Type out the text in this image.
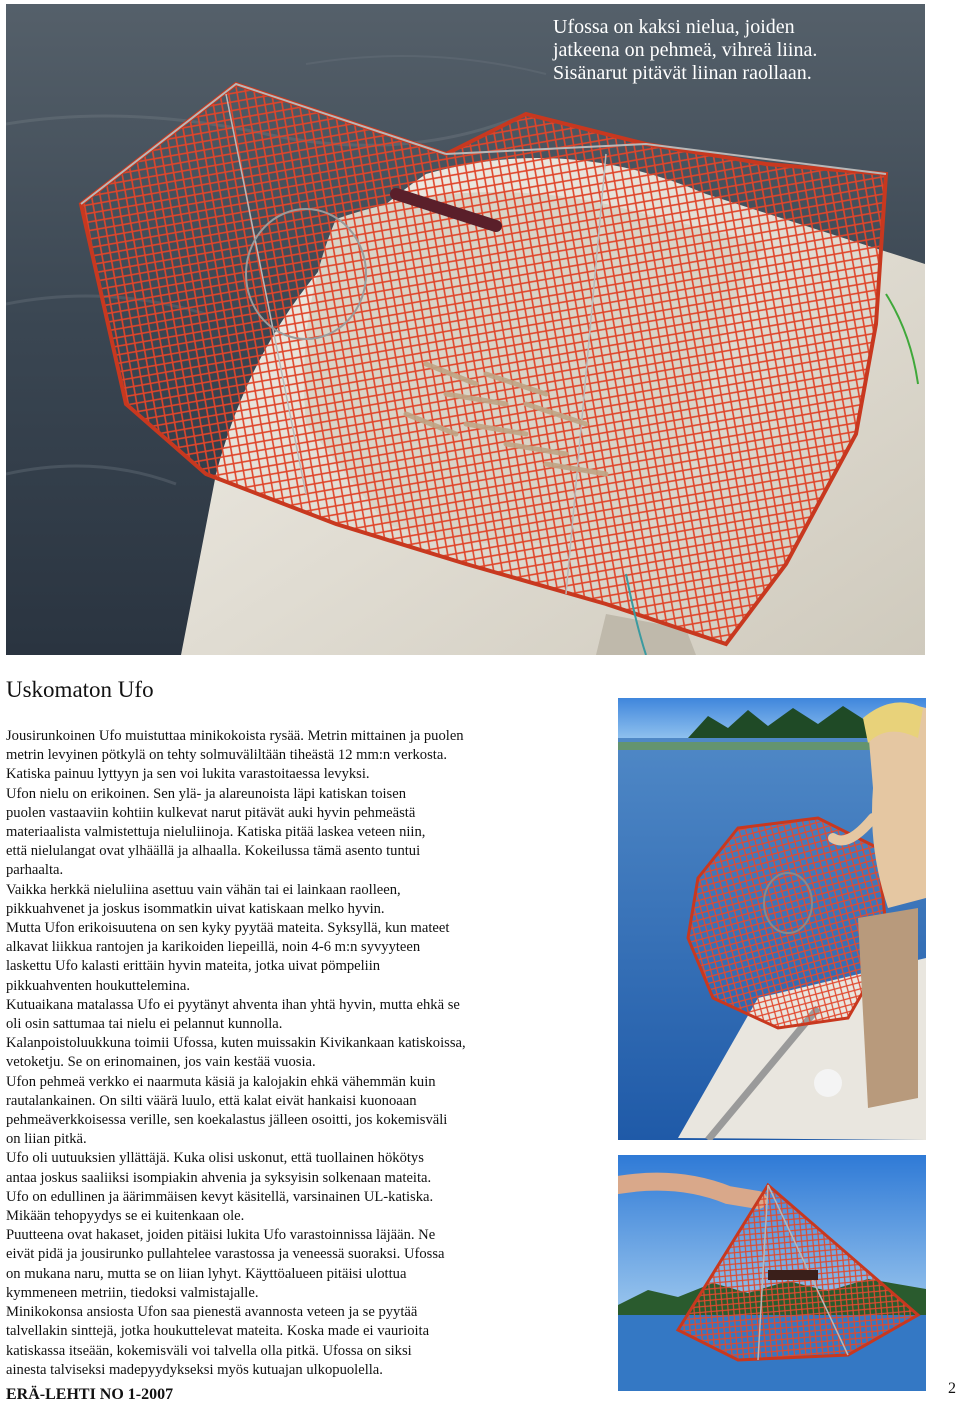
Ufossa on kaksi nielua, joiden
jatkeena on pehmeä, vihreä liina.
Sisänarut pitävät liinan raollaan.
Uskomaton Ufo
Jousirunkoinen Ufo muistuttaa minikokoista rysää. Metrin mittainen ja puolen
metrin levyinen pötkylä on tehty solmuväliltään tiheästä 12 mm:n verkosta.
Katiska painuu lyttyyn ja sen voi lukita varastoitaessa levyksi.
Ufon nielu on erikoinen. Sen ylä- ja alareunoista läpi katiskan toisen
puolen vastaaviin kohtiin kulkevat narut pitävät auki hyvin pehmeästä
materiaalista valmistettuja nieluliinoja. Katiska pitää laskea veteen niin,
että nielulangat ovat ylhäällä ja alhaalla. Kokeilussa tämä asento tuntui
parhaalta.
Vaikka herkkä nieluliina asettuu vain vähän tai ei lainkaan raolleen,
pikkuahvenet ja joskus isommatkin uivat katiskaan melko hyvin.
Mutta Ufon erikoisuutena on sen kyky pyytää mateita. Syksyllä, kun mateet
alkavat liikkua rantojen ja karikoiden liepeillä, noin 4-6 m:n syvyyteen
laskettu Ufo kalasti erittäin hyvin mateita, jotka uivat pömpeliin
pikkuahventen houkuttelemina.
Kutuaikana matalassa Ufo ei pyytänyt ahventa ihan yhtä hyvin, mutta ehkä se
oli osin sattumaa tai nielu ei pelannut kunnolla.
Kalanpoistoluukkuna toimii Ufossa, kuten muissakin Kivikankaan katiskoissa,
vetoketju. Se on erinomainen, jos vain kestää vuosia.
Ufon pehmeä verkko ei naarmuta käsiä ja kalojakin ehkä vähemmän kuin
rautalankainen. On silti väärä luulo, että kalat eivät hankaisi kuonoaan
pehmeäverkkoisessa verille, sen koekalastus jälleen osoitti, jos kokemisväli
on liian pitkä.
Ufo oli uutuuksien yllättäjä. Kuka olisi uskonut, että tuollainen hökötys
antaa joskus saaliiksi isompiakin ahvenia ja syksyisin solkenaan mateita.
Ufo on edullinen ja äärimmäisen kevyt käsitellä, varsinainen UL-katiska.
Mikään tehopyydys se ei kuitenkaan ole.
Puutteena ovat hakaset, joiden pitäisi lukita Ufo varastoinnissa läjään. Ne
eivät pidä ja jousirunko pullahtelee varastossa ja veneessä suoraksi. Ufossa
on mukana naru, mutta se on liian lyhyt. Käyttöalueen pitäisi ulottua
kymmeneen metriin, tiedoksi valmistajalle.
Minikokonsa ansiosta Ufon saa pienestä avannosta veteen ja se pyytää
talvellakin sinttejä, jotka houkuttelevat mateita. Koska made ei vaurioita
katiskassa itseään, kokemisväli voi talvella olla pitkä. Ufossa on siksi
ainesta talviseksi madepyydykseksi myös kutuajan ulkopuolella.
ERÄ-LEHTI NO 1-2007	2
